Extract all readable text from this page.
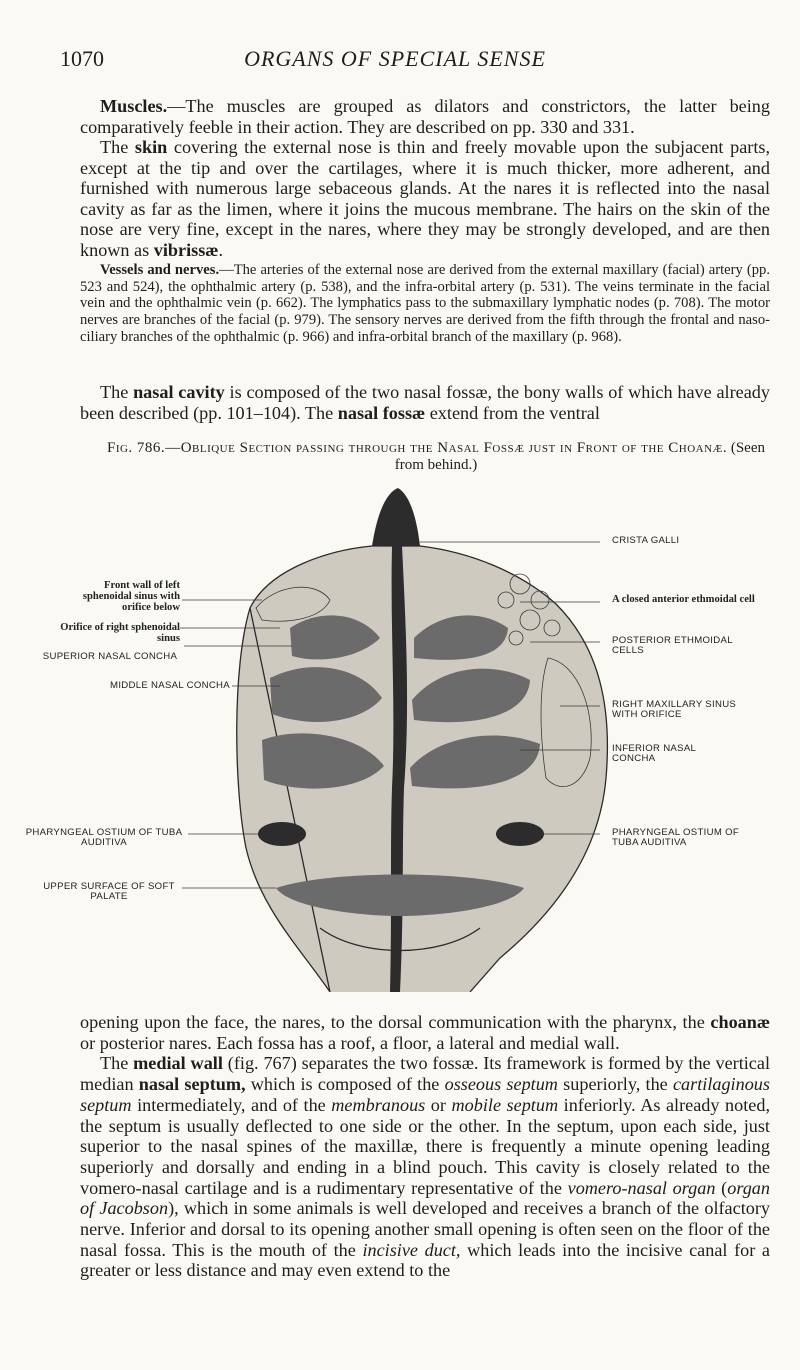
1070	ORGANS OF SPECIAL SENSE

Muscles.—The muscles are grouped as dilators and constrictors, the latter being comparatively feeble in their action. They are described on pp. 330 and 331.

The skin covering the external nose is thin and freely movable upon the subjacent parts, except at the tip and over the cartilages, where it is much thicker, more adherent, and furnished with numerous large sebaceous glands. At the nares it is reflected into the nasal cavity as far as the limen, where it joins the mucous membrane. The hairs on the skin of the nose are very fine, except in the nares, where they may be strongly developed, and are then known as vibrissæ.

Vessels and nerves.—The arteries of the external nose are derived from the external maxillary (facial) artery (pp. 523 and 524), the ophthalmic artery (p. 538), and the infra-orbital artery (p. 531). The veins terminate in the facial vein and the ophthalmic vein (p. 662). The lymphatics pass to the submaxillary lymphatic nodes (p. 708). The motor nerves are branches of the facial (p. 979). The sensory nerves are derived from the fifth through the frontal and naso-ciliary branches of the ophthalmic (p. 966) and infra-orbital branch of the maxillary (p. 968).

The nasal cavity is composed of the two nasal fossæ, the bony walls of which have already been described (pp. 101–104). The nasal fossæ extend from the ventral

Fig. 786.—Oblique Section passing through the Nasal Fossæ just in Front of the Choanæ. (Seen from behind.)
CRISTA GALLI
A closed anterior ethmoidal cell
POSTERIOR ETHMOIDAL CELLS
RIGHT MAXILLARY SINUS WITH ORIFICE
INFERIOR NASAL CONCHA
PHARYNGEAL OSTIUM OF TUBA AUDITIVA
Front wall of left sphenoidal sinus with orifice below
Orifice of right sphenoidal sinus
SUPERIOR NASAL CONCHA
MIDDLE NASAL CONCHA
PHARYNGEAL OSTIUM OF TUBA AUDITIVA
UPPER SURFACE OF SOFT PALATE

opening upon the face, the nares, to the dorsal communication with the pharynx, the choanæ or posterior nares. Each fossa has a roof, a floor, a lateral and medial wall.

The medial wall (fig. 767) separates the two fossæ. Its framework is formed by the vertical median nasal septum, which is composed of the osseous septum superiorly, the cartilaginous septum intermediately, and of the membranous or mobile septum inferiorly. As already noted, the septum is usually deflected to one side or the other. In the septum, upon each side, just superior to the nasal spines of the maxillæ, there is frequently a minute opening leading superiorly and dorsally and ending in a blind pouch. This cavity is closely related to the vomero-nasal cartilage and is a rudimentary representative of the vomero-nasal organ (organ of Jacobson), which in some animals is well developed and receives a branch of the olfactory nerve. Inferior and dorsal to its opening another small opening is often seen on the floor of the nasal fossa. This is the mouth of the incisive duct, which leads into the incisive canal for a greater or less distance and may even extend to the
